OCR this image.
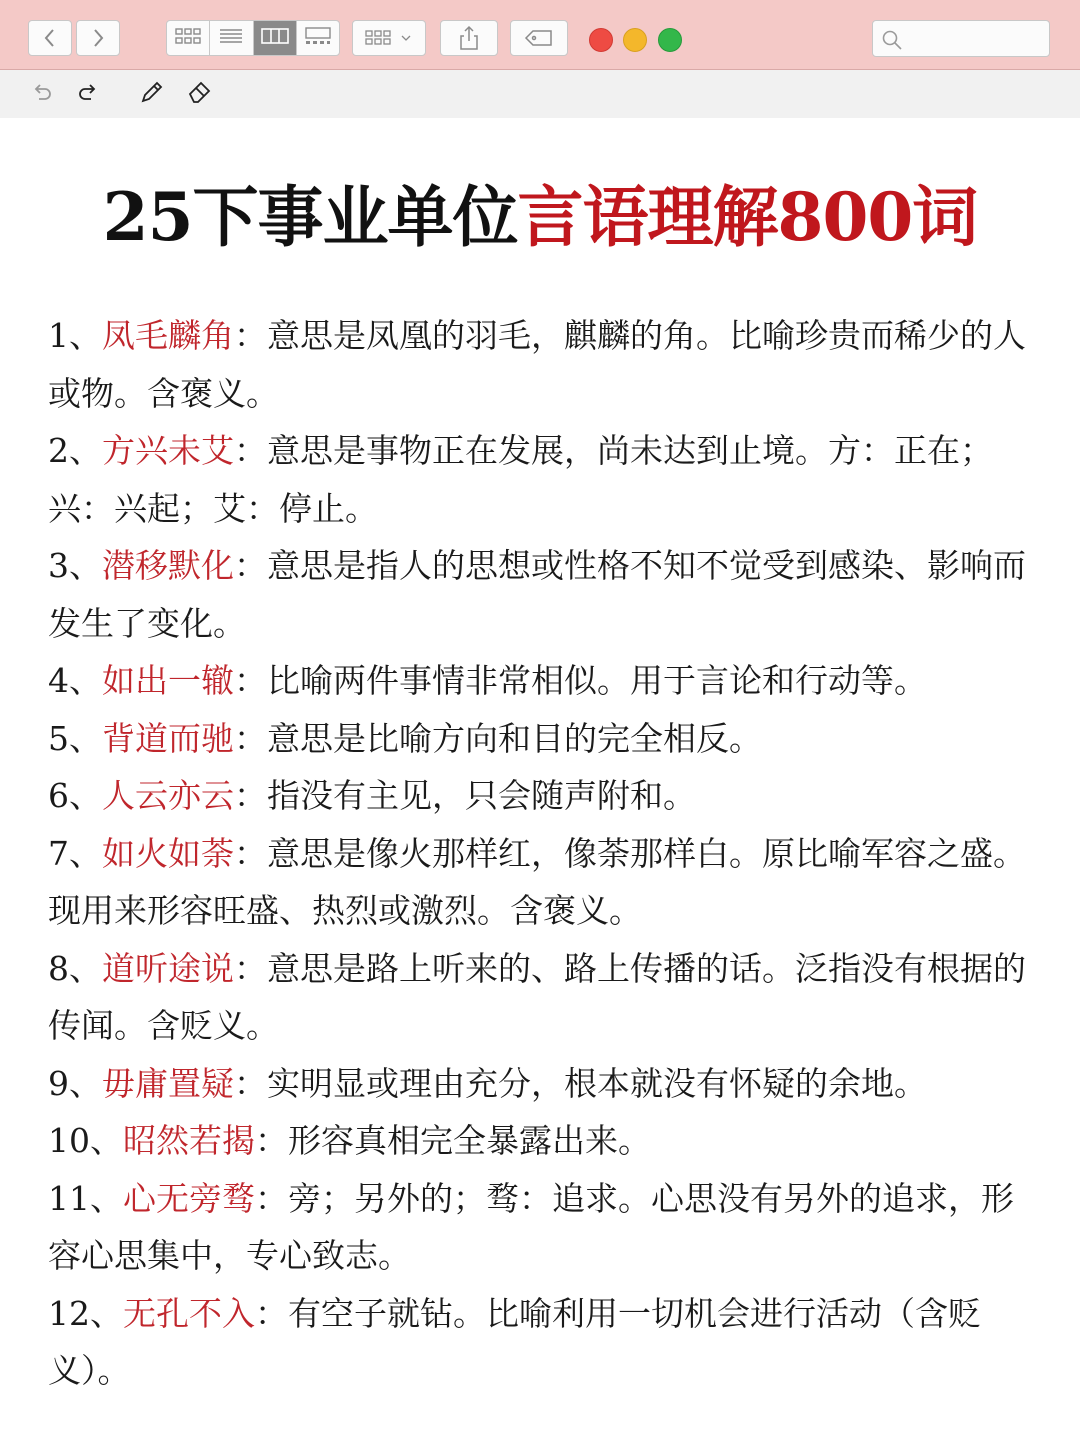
25下事业单位言语理解800词

1、凤毛麟角：意思是凤凰的羽毛，麒麟的角。比喻珍贵而稀少的人或物。含褒义。

2、方兴未艾：意思是事物正在发展，尚未达到止境。方：正在；兴：兴起；艾：停止。

3、潜移默化：意思是指人的思想或性格不知不觉受到感染、影响而发生了变化。

4、如出一辙：比喻两件事情非常相似。用于言论和行动等。

5、背道而驰：意思是比喻方向和目的完全相反。

6、人云亦云：指没有主见，只会随声附和。

7、如火如荼：意思是像火那样红，像荼那样白。原比喻军容之盛。现用来形容旺盛、热烈或激烈。含褒义。

8、道听途说：意思是路上听来的、路上传播的话。泛指没有根据的传闻。含贬义。

9、毋庸置疑：实明显或理由充分，根本就没有怀疑的余地。

10、昭然若揭：形容真相完全暴露出来。

11、心无旁骛：旁；另外的；骛：追求。心思没有另外的追求，形容心思集中，专心致志。

12、无孔不入：有空子就钻。比喻利用一切机会进行活动（含贬义）。
